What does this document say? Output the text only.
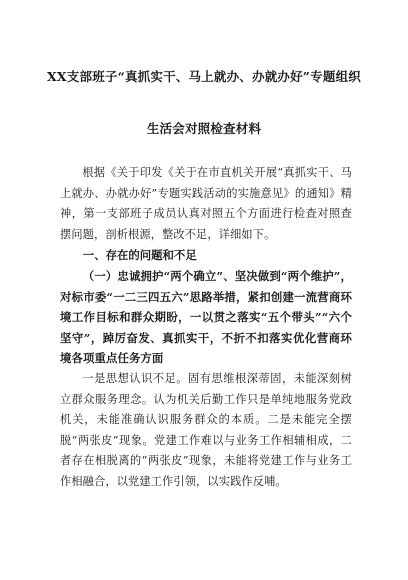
XX支部班子“真抓实干、马上就办、办就办好”专题组织
生活会对照检查材料

根据《关于印发《关于在市直机关开展“真抓实干、马上就办、办就办好”专题实践活动的实施意见》的通知》精神，第一支部班子成员认真对照五个方面进行检查对照查摆问题，剖析根源，整改不足，详细如下。

一、存在的问题和不足

（一）忠诚拥护“两个确立”、坚决做到“两个维护”，对标市委“一二三四五六”思路举措，紧扣创建一流营商环境工作目标和群众期盼，一以贯之落实“五个带头”“六个坚守”，踔厉奋发、真抓实干，不折不扣落实优化营商环境各项重点任务方面

一是思想认识不足。固有思维根深蒂固，未能深刻树立群众服务理念。认为机关后勤工作只是单纯地服务党政机关，未能准确认识服务群众的本质。二是未能完全摆脱“两张皮”现象。党建工作难以与业务工作相辅相成，二者存在相脱离的“两张皮”现象，未能将党建工作与业务工作相融合，以党建工作引领，以实践作反哺。
